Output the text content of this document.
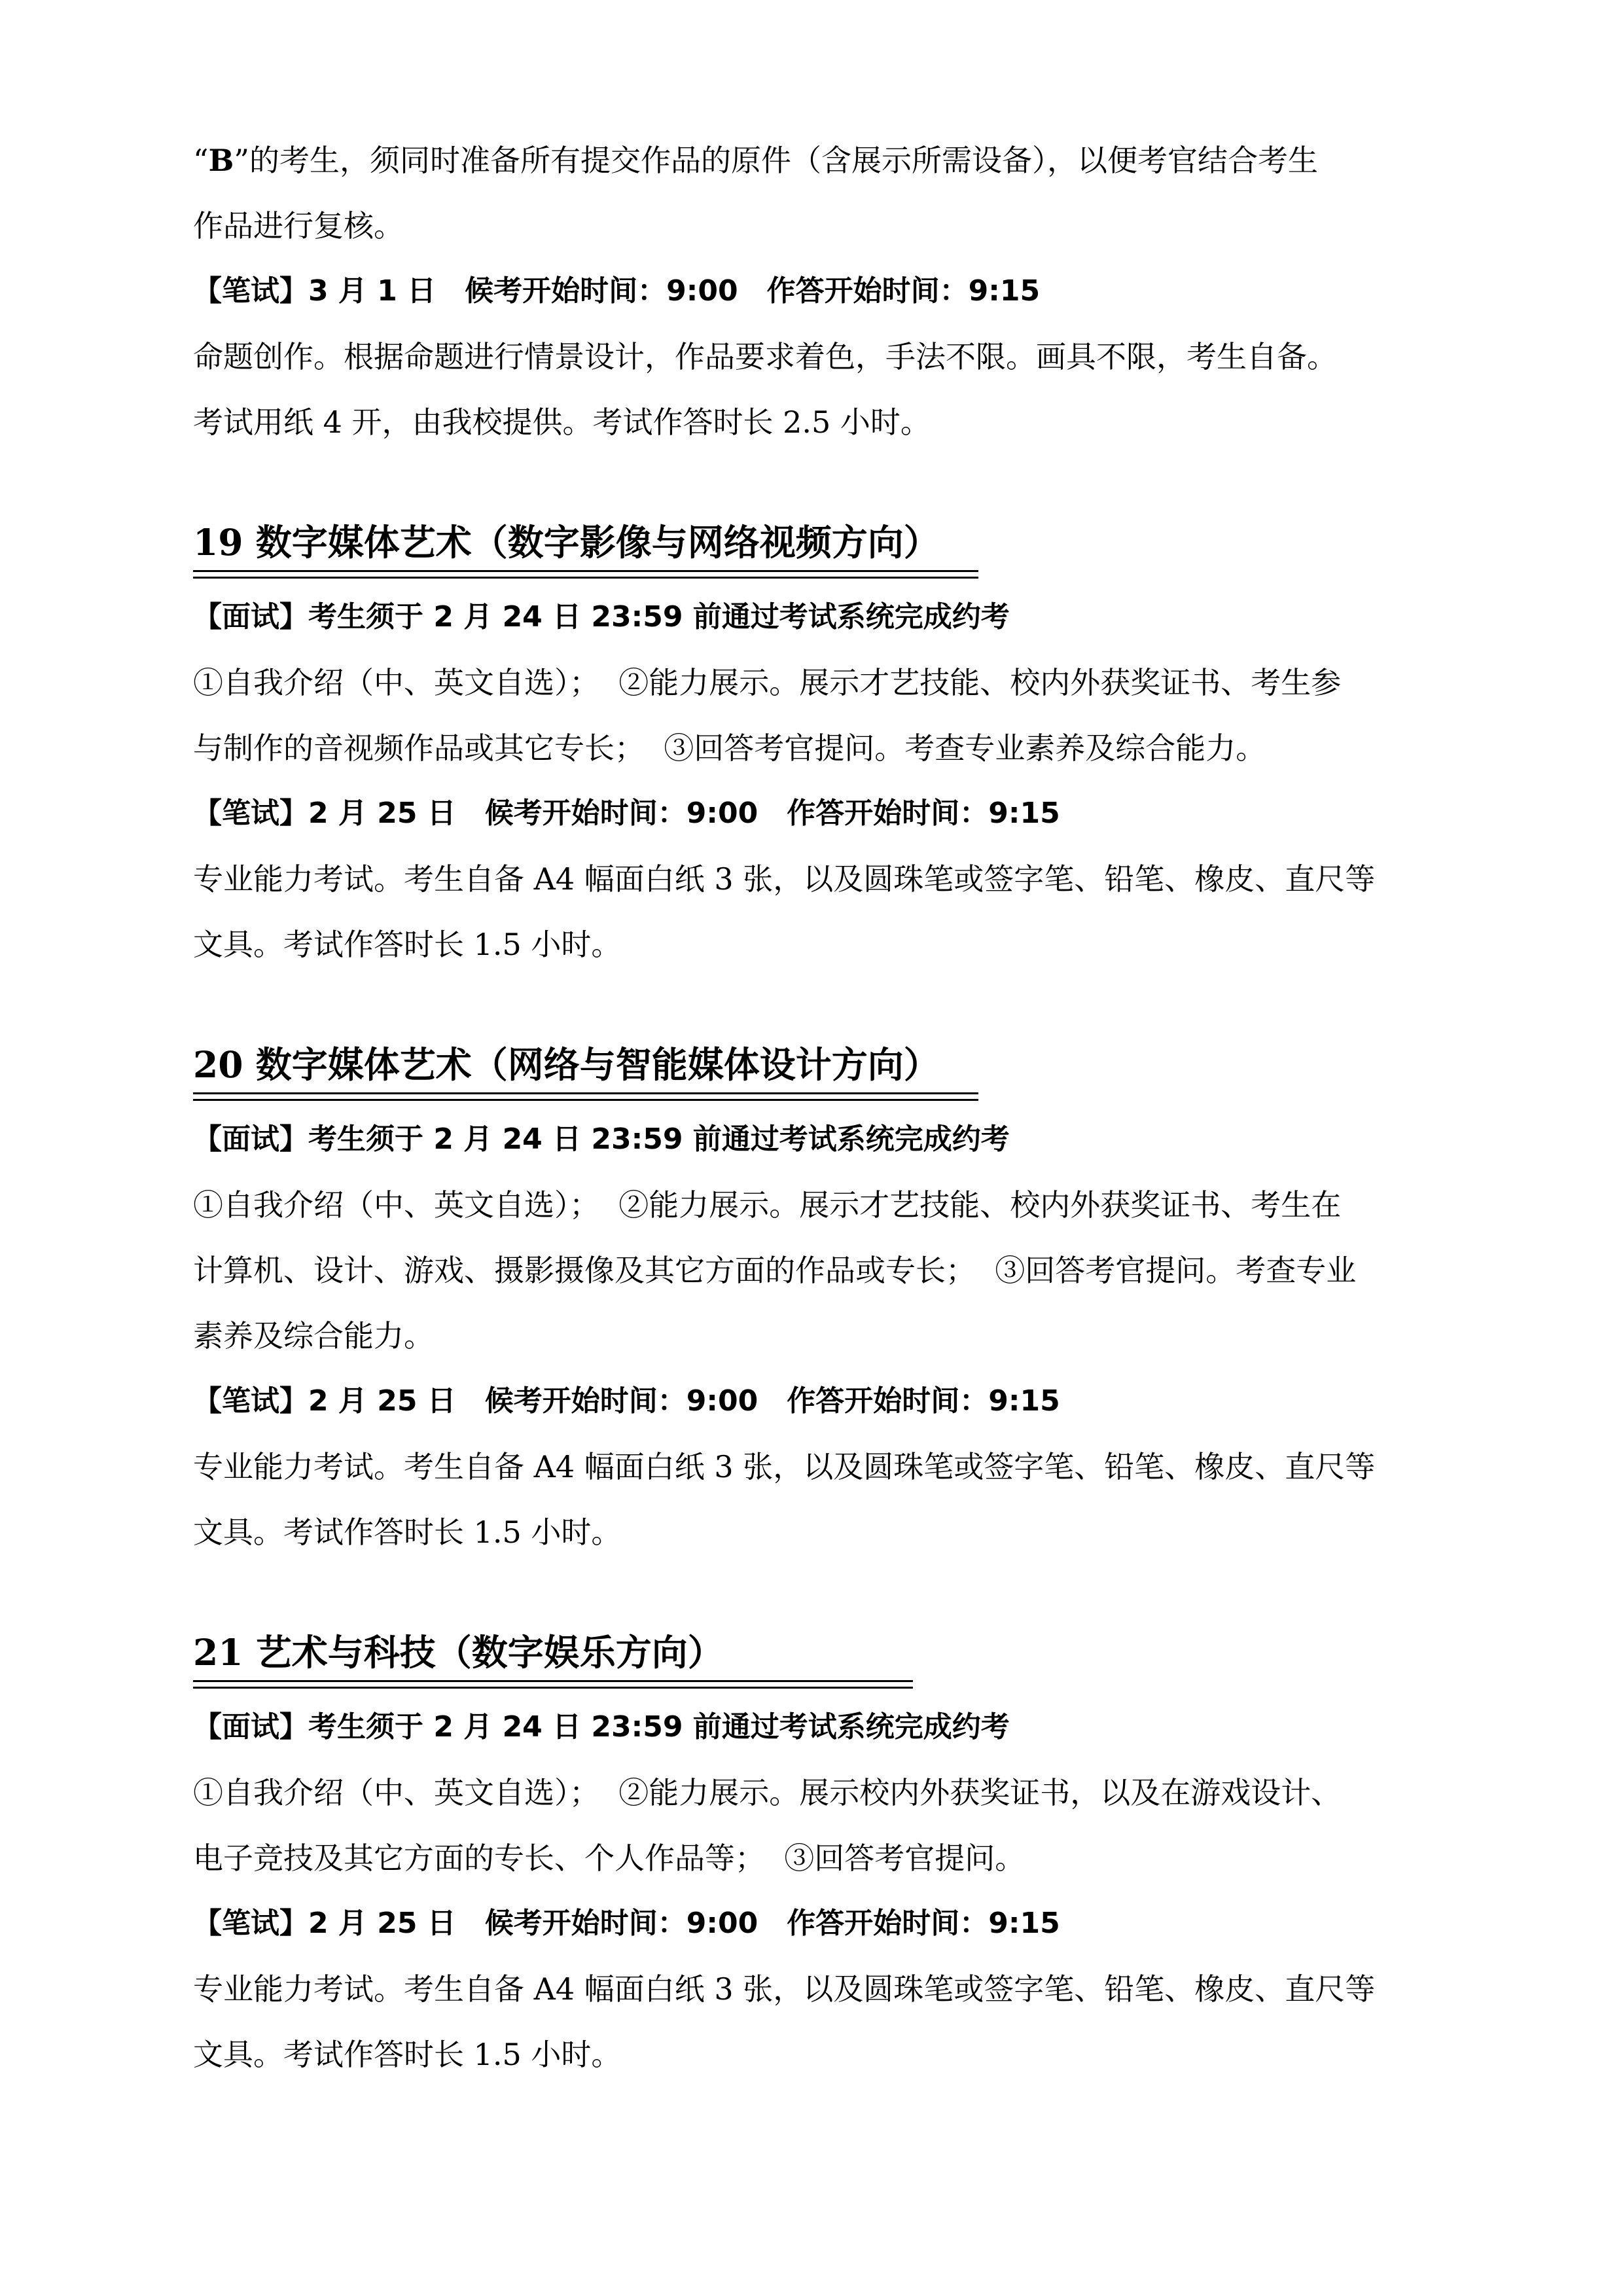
“B”的考生，须同时准备所有提交作品的原件（含展示所需设备），以便考官结合考生

作品进行复核。

【笔试】3 月 1 日　候考开始时间：9:00　作答开始时间：9:15

命题创作。根据命题进行情景设计，作品要求着色，手法不限。画具不限，考生自备。

考试用纸 4 开，由我校提供。考试作答时长 2.5 小时。

19 数字媒体艺术（数字影像与网络视频方向）

【面试】考生须于 2 月 24 日 23:59 前通过考试系统完成约考

①自我介绍（中、英文自选）；  ②能力展示。展示才艺技能、校内外获奖证书、考生参

与制作的音视频作品或其它专长；  ③回答考官提问。考查专业素养及综合能力。

【笔试】2 月 25 日　候考开始时间：9:00　作答开始时间：9:15

专业能力考试。考生自备 A4 幅面白纸 3 张，以及圆珠笔或签字笔、铅笔、橡皮、直尺等

文具。考试作答时长 1.5 小时。

20 数字媒体艺术（网络与智能媒体设计方向）

【面试】考生须于 2 月 24 日 23:59 前通过考试系统完成约考

①自我介绍（中、英文自选）；  ②能力展示。展示才艺技能、校内外获奖证书、考生在

计算机、设计、游戏、摄影摄像及其它方面的作品或专长；  ③回答考官提问。考查专业

素养及综合能力。

【笔试】2 月 25 日　候考开始时间：9:00　作答开始时间：9:15

专业能力考试。考生自备 A4 幅面白纸 3 张，以及圆珠笔或签字笔、铅笔、橡皮、直尺等

文具。考试作答时长 1.5 小时。

21 艺术与科技（数字娱乐方向）

【面试】考生须于 2 月 24 日 23:59 前通过考试系统完成约考

①自我介绍（中、英文自选）；  ②能力展示。展示校内外获奖证书，以及在游戏设计、

电子竞技及其它方面的专长、个人作品等；  ③回答考官提问。

【笔试】2 月 25 日　候考开始时间：9:00　作答开始时间：9:15

专业能力考试。考生自备 A4 幅面白纸 3 张，以及圆珠笔或签字笔、铅笔、橡皮、直尺等

文具。考试作答时长 1.5 小时。
